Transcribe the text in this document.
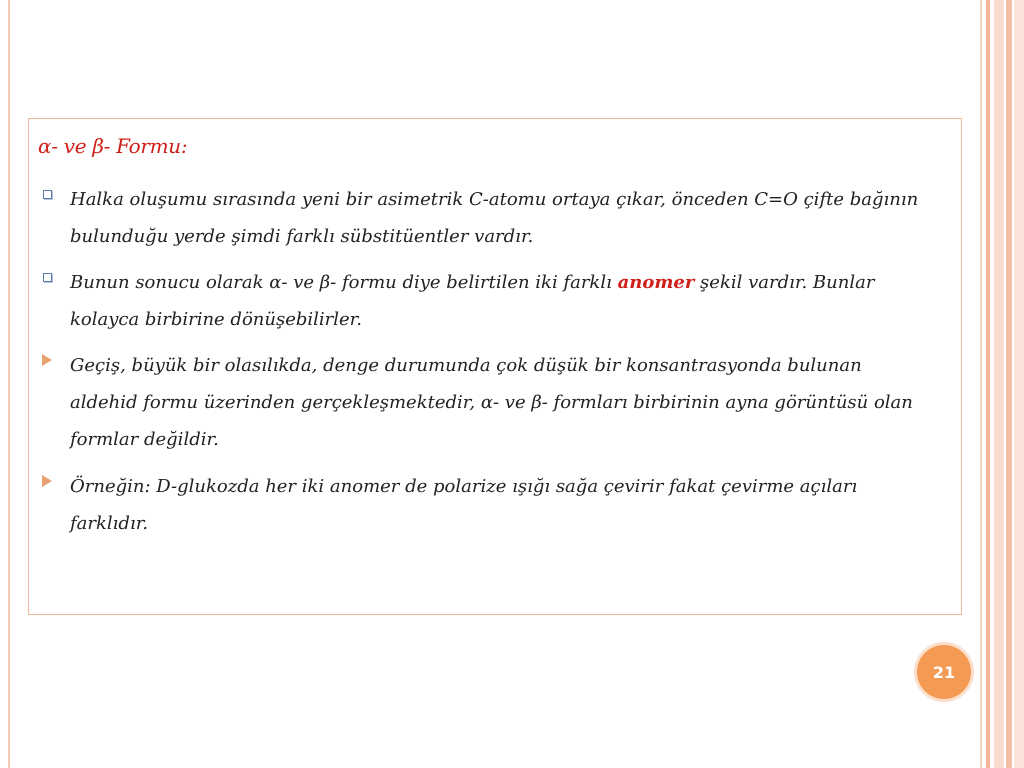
α- ve β- Formu:
Halka oluşumu sırasında yeni bir asimetrik C-atomu ortaya çıkar, önceden C=O çifte bağının bulunduğu yerde şimdi farklı sübstitüentler vardır.
Bunun sonucu olarak α- ve β- formu diye belirtilen iki farklı anomer şekil vardır. Bunlar kolayca birbirine dönüşebilirler.
Geçiş, büyük bir olasılıkda, denge durumunda çok düşük bir konsantrasyonda bulunan aldehid formu üzerinden gerçekleşmektedir, α- ve β- formları birbirinin ayna görüntüsü olan formlar değildir.
Örneğin: D-glukozda her iki anomer de polarize ışığı sağa çevirir fakat çevirme açıları farklıdır.
21
